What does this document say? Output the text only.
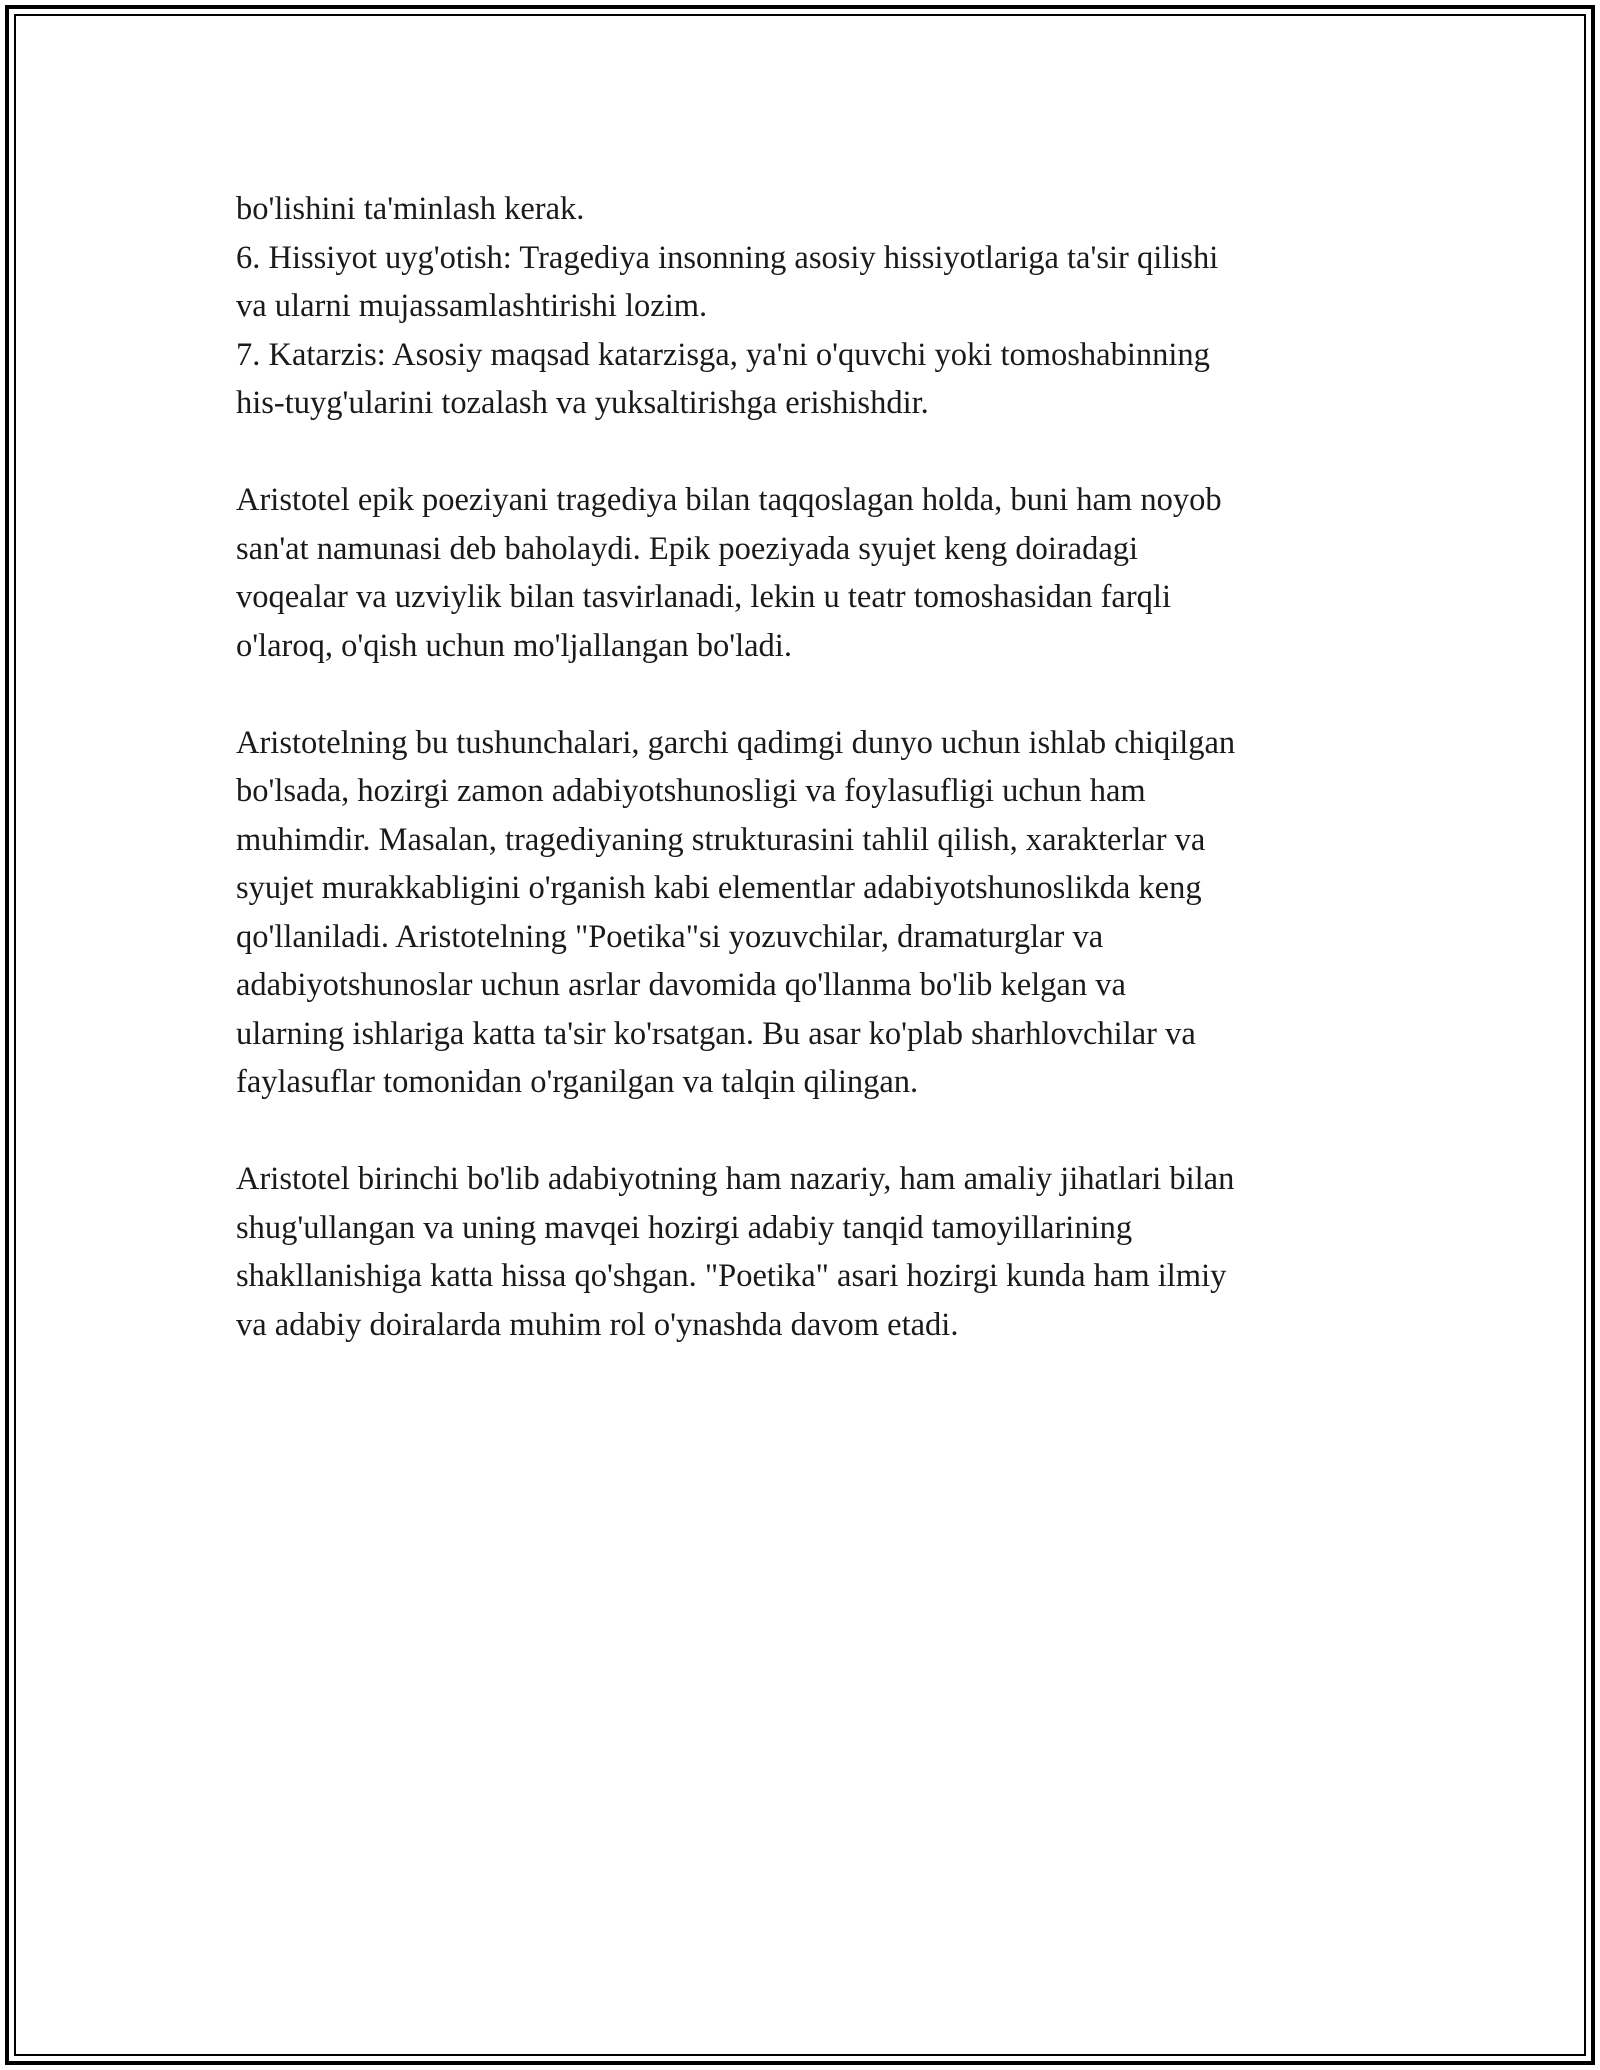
bo'lishini ta'minlash kerak.
6. Hissiyot uyg'otish: Tragediya insonning asosiy hissiyotlariga ta'sir qilishi
va ularni mujassamlashtirishi lozim.
7. Katarzis: Asosiy maqsad katarzisga, ya'ni o'quvchi yoki tomoshabinning
his-tuyg'ularini tozalash va yuksaltirishga erishishdir.
Aristotel epik poeziyani tragediya bilan taqqoslagan holda, buni ham noyob
san'at namunasi deb baholaydi. Epik poeziyada syujet keng doiradagi
voqealar va uzviylik bilan tasvirlanadi, lekin u teatr tomoshasidan farqli
o'laroq, o'qish uchun mo'ljallangan bo'ladi.
Aristotelning bu tushunchalari, garchi qadimgi dunyo uchun ishlab chiqilgan
bo'lsada, hozirgi zamon adabiyotshunosligi va foylasufligi uchun ham
muhimdir. Masalan, tragediyaning strukturasini tahlil qilish, xarakterlar va
syujet murakkabligini o'rganish kabi elementlar adabiyotshunoslikda keng
qo'llaniladi. Aristotelning "Poetika"si yozuvchilar, dramaturglar va
adabiyotshunoslar uchun asrlar davomida qo'llanma bo'lib kelgan va
ularning ishlariga katta ta'sir ko'rsatgan. Bu asar ko'plab sharhlovchilar va
faylasuflar tomonidan o'rganilgan va talqin qilingan.
Aristotel birinchi bo'lib adabiyotning ham nazariy, ham amaliy jihatlari bilan
shug'ullangan va uning mavqei hozirgi adabiy tanqid tamoyillarining
shakllanishiga katta hissa qo'shgan. "Poetika" asari hozirgi kunda ham ilmiy
va adabiy doiralarda muhim rol o'ynashda davom etadi.
